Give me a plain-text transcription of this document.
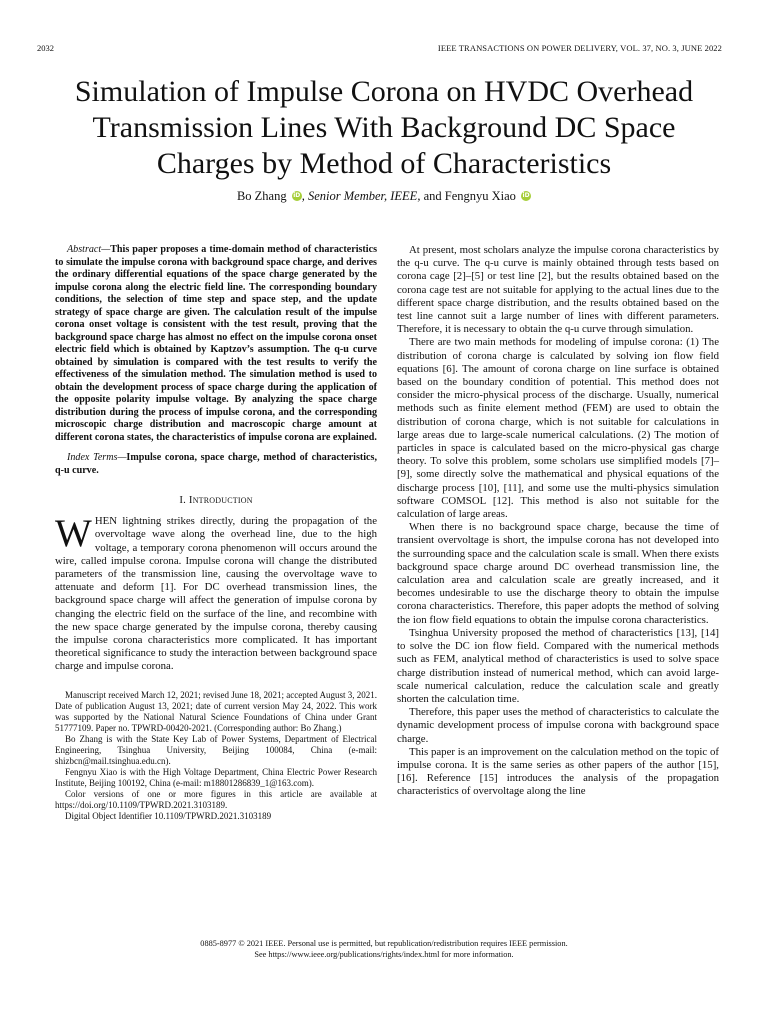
2032	IEEE TRANSACTIONS ON POWER DELIVERY, VOL. 37, NO. 3, JUNE 2022
Simulation of Impulse Corona on HVDC Overhead
Transmission Lines With Background DC Space
Charges by Method of Characteristics
Bo Zhang iD, Senior Member, IEEE, and Fengnyu Xiao iD

Abstract—This paper proposes a time-domain method of characteristics to simulate the impulse corona with background space charge, and derives the ordinary differential equations of the space charge generated by the impulse corona along the electric field line. The corresponding boundary conditions, the selection of time step and space step, and the update strategy of space charge are given. The calculation result of the impulse corona onset voltage is consistent with the test result, proving that the background space charge has almost no effect on the impulse corona onset electric field which is obtained by Kaptzov’s assumption. The q-u curve obtained by simulation is compared with the test results to verify the effectiveness of the simulation method. The simulation method is used to obtain the development process of space charge during the application of the opposite polarity impulse voltage. By analyzing the space charge distribution during the process of impulse corona, and the corresponding microscopic charge distribution and macroscopic charge amount at different corona states, the characteristics of impulse corona are explained.

Index Terms—Impulse corona, space charge, method of characteristics, q-u curve.

I. Introduction

WHEN lightning strikes directly, during the propagation of the overvoltage wave along the overhead line, due to the high voltage, a temporary corona phenomenon will occurs around the wire, called impulse corona. Impulse corona will change the distributed parameters of the transmission line, causing the overvoltage wave to attenuate and deform [1]. For DC overhead transmission lines, the background space charge will affect the generation of impulse corona by changing the electric field on the surface of the line, and recombine with the new space charge generated by the impulse corona, thereby causing the impulse corona characteristics more complicated. It has important theoretical significance to study the interaction between background space charge and impulse corona.

Manuscript received March 12, 2021; revised June 18, 2021; accepted August 3, 2021. Date of publication August 13, 2021; date of current version May 24, 2022. This work was supported by the National Natural Science Foundations of China under Grant 51777109. Paper no. TPWRD-00420-2021. (Corresponding author: Bo Zhang.)

Bo Zhang is with the State Key Lab of Power Systems, Department of Electrical Engineering, Tsinghua University, Beijing 100084, China (e-mail: shizbcn@mail.tsinghua.edu.cn).

Fengnyu Xiao is with the High Voltage Department, China Electric Power Research Institute, Beijing 100192, China (e-mail: m18801286839_1@163.com).

Color versions of one or more figures in this article are available at https://doi.org/10.1109/TPWRD.2021.3103189.

Digital Object Identifier 10.1109/TPWRD.2021.3103189

At present, most scholars analyze the impulse corona characteristics by the q-u curve. The q-u curve is mainly obtained through tests based on corona cage [2]–[5] or test line [2], but the results obtained based on the corona cage test are not suitable for applying to the actual lines due to the different space charge distribution, and the results obtained based on the test line cannot suit a large number of lines with different parameters. Therefore, it is necessary to obtain the q-u curve through simulation.

There are two main methods for modeling of impulse corona: (1) The distribution of corona charge is calculated by solving ion flow field equations [6]. The amount of corona charge on line surface is obtained based on the boundary condition of potential. This method does not consider the micro-physical process of the discharge. Usually, numerical methods such as finite element method (FEM) are used to obtain the distribution of corona charge, which is not suitable for calculations in large areas due to large-scale numerical calculations. (2) The motion of particles in space is calculated based on the micro-physical gas charge theory. To solve this problem, some scholars use simplified models [7]–[9], some directly solve the mathematical and physical equations of the discharge process [10], [11], and some use the multi-physics simulation software COMSOL [12]. This method is also not suitable for the calculation of large areas.

When there is no background space charge, because the time of transient overvoltage is short, the impulse corona has not developed into the surrounding space and the calculation scale is small. When there exists background space charge around DC overhead transmission line, the calculation area and calculation scale are greatly increased, and it becomes undesirable to use the discharge theory to obtain the impulse corona characteristics. Therefore, this paper adopts the method of solving the ion flow field equations to obtain the impulse corona characteristics.

Tsinghua University proposed the method of characteristics [13], [14] to solve the DC ion flow field. Compared with the numerical methods such as FEM, analytical method of characteristics is used to solve space charge distribution instead of numerical method, which can avoid large-scale numerical calculation, reduce the calculation scale and greatly shorten the calculation time.

Therefore, this paper uses the method of characteristics to calculate the dynamic development process of impulse corona with background space charge.

This paper is an improvement on the calculation method on the topic of impulse corona. It is the same series as other papers of the author [15], [16]. Reference [15] introduces the analysis of the propagation characteristics of overvoltage along the line

0885-8977 © 2021 IEEE. Personal use is permitted, but republication/redistribution requires IEEE permission.
See https://www.ieee.org/publications/rights/index.html for more information.
